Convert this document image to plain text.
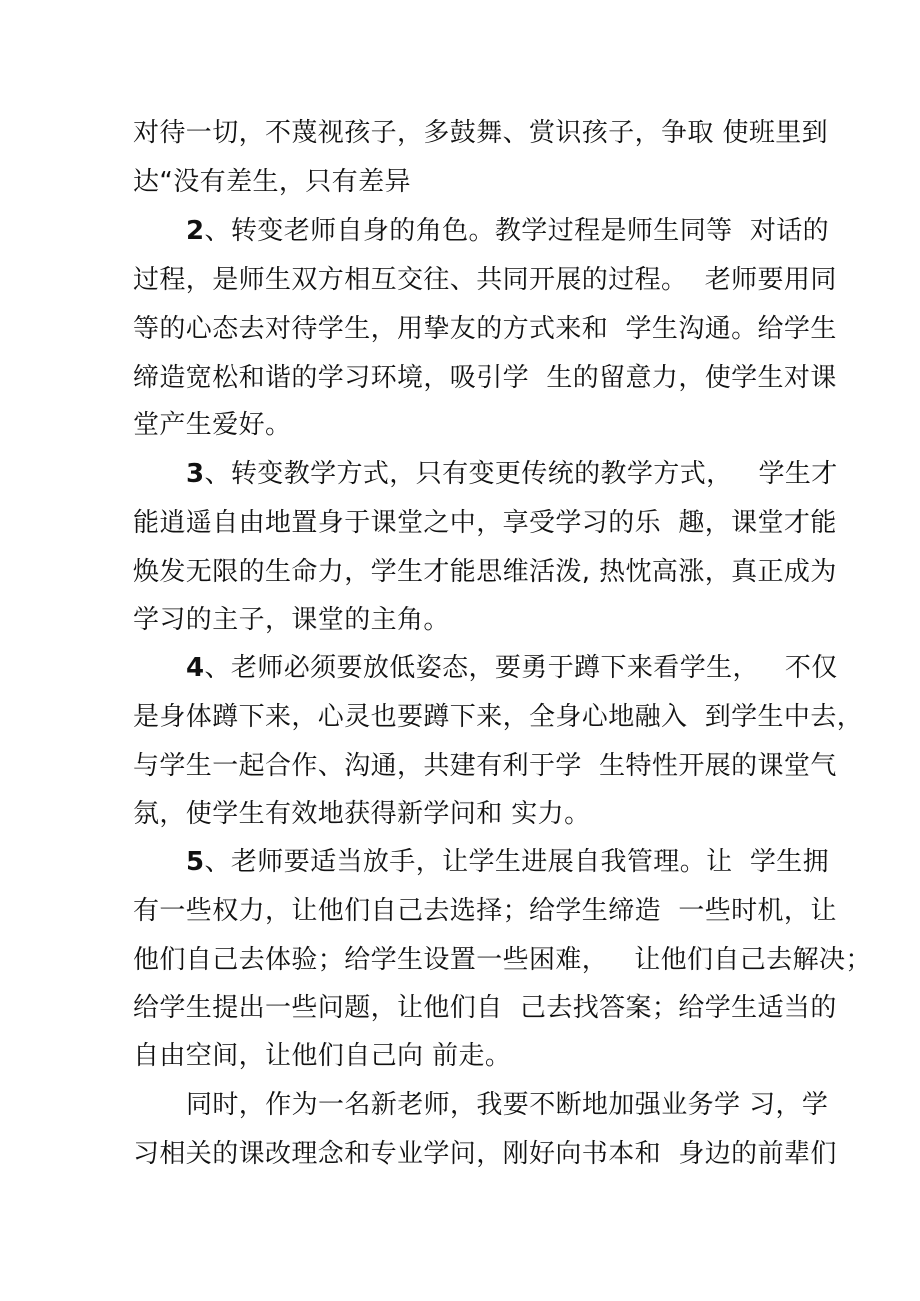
对待一切，不蔑视孩子，多鼓舞、赏识孩子，争取 使班里到
达“没有差生，只有差异
2、转变老师自身的角色。教学过程是师生同等  对话的
过程，是师生双方相互交往、共同开展的过程。  老师要用同
等的心态去对待学生，用挚友的方式来和  学生沟通。给学生
缔造宽松和谐的学习环境，吸引学  生的留意力，使学生对课
堂产生爱好。
3、转变教学方式，只有变更传统的教学方式，   学生才
能逍遥自由地置身于课堂之中，享受学习的乐  趣，课堂才能
焕发无限的生命力，学生才能思维活泼, 热忱高涨，真正成为
学习的主子，课堂的主角。
4、老师必须要放低姿态，要勇于蹲下来看学生，   不仅
是身体蹲下来，心灵也要蹲下来，全身心地融入  到学生中去，
与学生一起合作、沟通，共建有利于学  生特性开展的课堂气
氛，使学生有效地获得新学问和 实力。
5、老师要适当放手，让学生进展自我管理。让  学生拥
有一些权力，让他们自己去选择；给学生缔造  一些时机，让
他们自己去体验；给学生设置一些困难，   让他们自己去解决；
给学生提出一些问题，让他们自  己去找答案；给学生适当的
自由空间，让他们自己向 前走。
同时，作为一名新老师，我要不断地加强业务学 习，学
习相关的课改理念和专业学问，刚好向书本和  身边的前辈们
